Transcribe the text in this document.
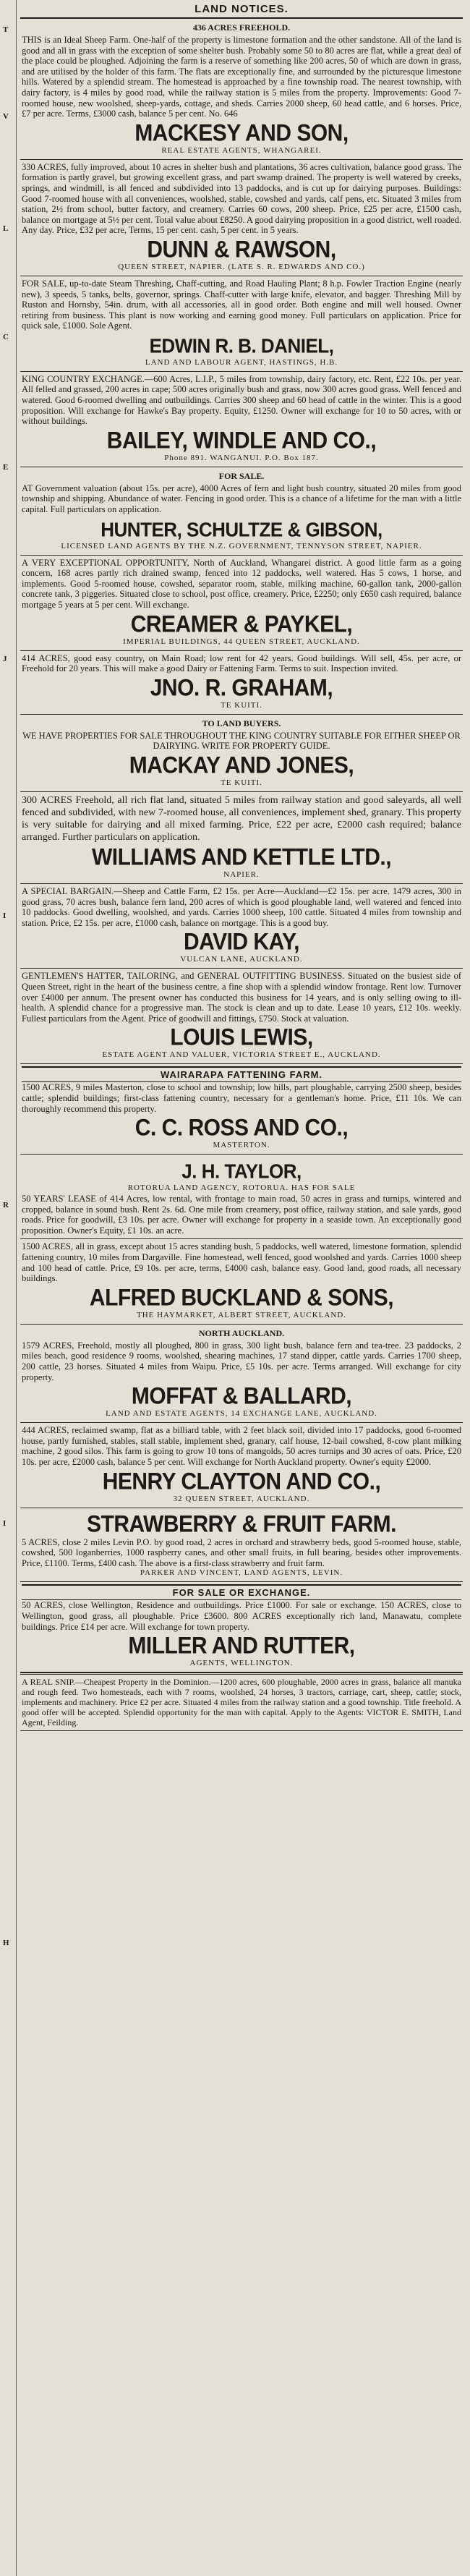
T
V
L
C
E
J
I
R
I
H
LAND NOTICES.
436 ACRES FREEHOLD.

THIS is an Ideal Sheep Farm. One-half of the property is limestone formation and the other sandstone. All of the land is good and all in grass with the exception of some shelter bush. Probably some 50 to 80 acres are flat, while a great deal of the place could be ploughed. Adjoining the farm is a reserve of something like 200 acres, 50 of which are down in grass, and are utilised by the holder of this farm. The flats are exceptionally fine, and surrounded by the picturesque limestone hills. Watered by a splendid stream. The homestead is approached by a fine township road. The nearest township, with dairy factory, is 4 miles by good road, while the railway station is 5 miles from the property. Improvements: Good 7-roomed house, new woolshed, sheep-yards, cottage, and sheds. Carries 2000 sheep, 60 head cattle, and 6 horses. Price, £7 per acre. Terms, £3000 cash, balance 5 per cent. No. 646

MACKESY AND SON,
REAL ESTATE AGENTS, WHANGAREI.

330 ACRES, fully improved, about 10 acres in shelter bush and plantations, 36 acres cultivation, balance good grass. The formation is partly gravel, but growing excellent grass, and part swamp drained. The property is well watered by creeks, springs, and windmill, is all fenced and subdivided into 13 paddocks, and is cut up for dairying purposes. Buildings: Good 7-roomed house with all conveniences, woolshed, stable, cowshed and yards, calf pens, etc. Situated 3 miles from station, 2½ from school, butter factory, and creamery. Carries 60 cows, 200 sheep. Price, £25 per acre, £1500 cash, balance on mortgage at 5½ per cent. Total value about £8250. A good dairying proposition in a good district, well roaded. Any day. Price, £32 per acre, Terms, 15 per cent. cash, 5 per cent. in 5 years.

DUNN & RAWSON,
QUEEN STREET, NAPIER. (LATE S. R. EDWARDS AND CO.)

FOR SALE, up-to-date Steam Threshing, Chaff-cutting, and Road Hauling Plant; 8 h.p. Fowler Traction Engine (nearly new), 3 speeds, 5 tanks, belts, governor, springs. Chaff-cutter with large knife, elevator, and bagger. Threshing Mill by Ruston and Hornsby, 54in. drum, with all accessories, all in good order. Both engine and mill well housed. Owner retiring from business. This plant is now working and earning good money. Full particulars on application. Price for quick sale, £1000. Sole Agent.

EDWIN R. B. DANIEL,
LAND AND LABOUR AGENT, HASTINGS, H.B.

KING COUNTRY EXCHANGE.—600 Acres, L.I.P., 5 miles from township, dairy factory, etc. Rent, £22 10s. per year. All felled and grassed, 200 acres in cape; 500 acres originally bush and grass, now 300 acres good grass. Well fenced and watered. Good 6-roomed dwelling and outbuildings. Carries 300 sheep and 60 head of cattle in the winter. This is a good proposition. Will exchange for Hawke's Bay property. Equity, £1250. Owner will exchange for 10 to 50 acres, with or without buildings.

BAILEY, WINDLE AND CO.,
Phone 891. WANGANUI. P.O. Box 187.
FOR SALE.

AT Government valuation (about 15s. per acre), 4000 Acres of fern and light bush country, situated 20 miles from good township and shipping. Abundance of water. Fencing in good order. This is a chance of a lifetime for the man with a little capital. Full particulars on application.

HUNTER, SCHULTZE & GIBSON,
LICENSED LAND AGENTS BY THE N.Z. GOVERNMENT, TENNYSON STREET, NAPIER.

A VERY EXCEPTIONAL OPPORTUNITY, North of Auckland, Whangarei district. A good little farm as a going concern, 168 acres partly rich drained swamp, fenced into 12 paddocks, well watered. Has 5 cows, 1 horse, and implements. Good 5-roomed house, cowshed, separator room, stable, milking machine, 60-gallon tank, 2000-gallon concrete tank, 3 piggeries. Situated close to school, post office, creamery. Price, £2250; only £650 cash required, balance mortgage 5 years at 5 per cent. Will exchange.

CREAMER & PAYKEL,
IMPERIAL BUILDINGS, 44 QUEEN STREET, AUCKLAND.

414 ACRES, good easy country, on Main Road; low rent for 42 years. Good buildings. Will sell, 45s. per acre, or Freehold for 20 years. This will make a good Dairy or Fattening Farm. Terms to suit. Inspection invited.

JNO. R. GRAHAM,
TE KUITI.
TO LAND BUYERS.

WE HAVE PROPERTIES FOR SALE THROUGHOUT THE KING COUNTRY SUITABLE FOR EITHER SHEEP OR DAIRYING. WRITE FOR PROPERTY GUIDE.

MACKAY AND JONES,
TE KUITI.

300 ACRES Freehold, all rich flat land, situated 5 miles from railway station and good saleyards, all well fenced and subdivided, with new 7-roomed house, all conveniences, implement shed, granary. This property is very suitable for dairying and all mixed farming. Price, £22 per acre, £2000 cash required; balance arranged. Further particulars on application.

WILLIAMS AND KETTLE LTD.,
NAPIER.

A SPECIAL BARGAIN.—Sheep and Cattle Farm, £2 15s. per Acre—Auckland—£2 15s. per acre. 1479 acres, 300 in good grass, 70 acres bush, balance fern land, 200 acres of which is good ploughable land, well watered and fenced into 10 paddocks. Good dwelling, woolshed, and yards. Carries 1000 sheep, 100 cattle. Situated 4 miles from township and station. Price, £2 15s. per acre, £1000 cash, balance on mortgage. This is a good buy.

DAVID KAY,
VULCAN LANE, AUCKLAND.

GENTLEMEN'S HATTER, TAILORING, and GENERAL OUTFITTING BUSINESS. Situated on the busiest side of Queen Street, right in the heart of the business centre, a fine shop with a splendid window frontage. Rent low. Turnover over £4000 per annum. The present owner has conducted this business for 14 years, and is only selling owing to ill-health. A splendid chance for a progressive man. The stock is clean and up to date. Lease 10 years, £12 10s. weekly. Fullest particulars from the Agent. Price of goodwill and fittings, £750. Stock at valuation.

LOUIS LEWIS,
ESTATE AGENT AND VALUER, VICTORIA STREET E., AUCKLAND.
WAIRARAPA FATTENING FARM.

1500 ACRES, 9 miles Masterton, close to school and township; low hills, part ploughable, carrying 2500 sheep, besides cattle; splendid buildings; first-class fattening country, necessary for a gentleman's home. Price, £11 10s. We can thoroughly recommend this property.

C. C. ROSS AND CO.,
MASTERTON.
J. H. TAYLOR,
ROTORUA LAND AGENCY, ROTORUA. HAS FOR SALE

50 YEARS' LEASE of 414 Acres, low rental, with frontage to main road, 50 acres in grass and turnips, wintered and cropped, balance in sound bush. Rent 2s. 6d. One mile from creamery, post office, railway station, and sale yards, good roads. Price for goodwill, £3 10s. per acre. Owner will exchange for property in a seaside town. An exceptionally good proposition. Owner's Equity, £1 10s. an acre.

1500 ACRES, all in grass, except about 15 acres standing bush, 5 paddocks, well watered, limestone formation, splendid fattening country, 10 miles from Dargaville. Fine homestead, well fenced, good woolshed and yards. Carries 1000 sheep and 100 head of cattle. Price, £9 10s. per acre, terms, £4000 cash, balance easy. Good land, good roads, all necessary buildings.

ALFRED BUCKLAND & SONS,
THE HAYMARKET, ALBERT STREET, AUCKLAND.
NORTH AUCKLAND.

1579 ACRES, Freehold, mostly all ploughed, 800 in grass, 300 light bush, balance fern and tea-tree. 23 paddocks, 2 miles beach, good residence 9 rooms, woolshed, shearing machines, 17 stand dipper, cattle yards. Carries 1700 sheep, 200 cattle, 23 horses. Situated 4 miles from Waipu. Price, £5 10s. per acre. Terms arranged. Will exchange for city property.

MOFFAT & BALLARD,
LAND AND ESTATE AGENTS, 14 EXCHANGE LANE, AUCKLAND.

444 ACRES, reclaimed swamp, flat as a billiard table, with 2 feet black soil, divided into 17 paddocks, good 6-roomed house, partly furnished, stables, stall stable, implement shed, granary, calf house, 12-bail cowshed, 8-cow plant milking machine, 2 good silos. This farm is going to grow 10 tons of mangolds, 50 acres turnips and 30 acres of oats. Price, £20 10s. per acre, £2000 cash, balance 5 per cent. Will exchange for North Auckland property. Owner's equity £2000.

HENRY CLAYTON AND CO.,
32 QUEEN STREET, AUCKLAND.
STRAWBERRY & FRUIT FARM.

5 ACRES, close 2 miles Levin P.O. by good road, 2 acres in orchard and strawberry beds, good 5-roomed house, stable, cowshed, 500 loganberries, 1000 raspberry canes, and other small fruits, in full bearing, besides other improvements. Price, £1100. Terms, £400 cash. The above is a first-class strawberry and fruit farm.

PARKER AND VINCENT, LAND AGENTS, LEVIN.
FOR SALE OR EXCHANGE.

50 ACRES, close Wellington, Residence and outbuildings. Price £1000. For sale or exchange. 150 ACRES, close to Wellington, good grass, all ploughable. Price £3600. 800 ACRES exceptionally rich land, Manawatu, complete buildings. Price £14 per acre. Will exchange for town property.

MILLER AND RUTTER,
AGENTS, WELLINGTON.

A REAL SNIP.—Cheapest Property in the Dominion.—1200 acres, 600 ploughable, 2000 acres in grass, balance all manuka and rough feed. Two homesteads, each with 7 rooms, woolshed, 24 horses, 3 tractors, carriage, cart, sheep, cattle; stock, implements and machinery. Price £2 per acre. Situated 4 miles from the railway station and a good township. Title freehold. A good offer will be accepted. Splendid opportunity for the man with capital. Apply to the Agents: VICTOR E. SMITH, Land Agent, Feilding.
